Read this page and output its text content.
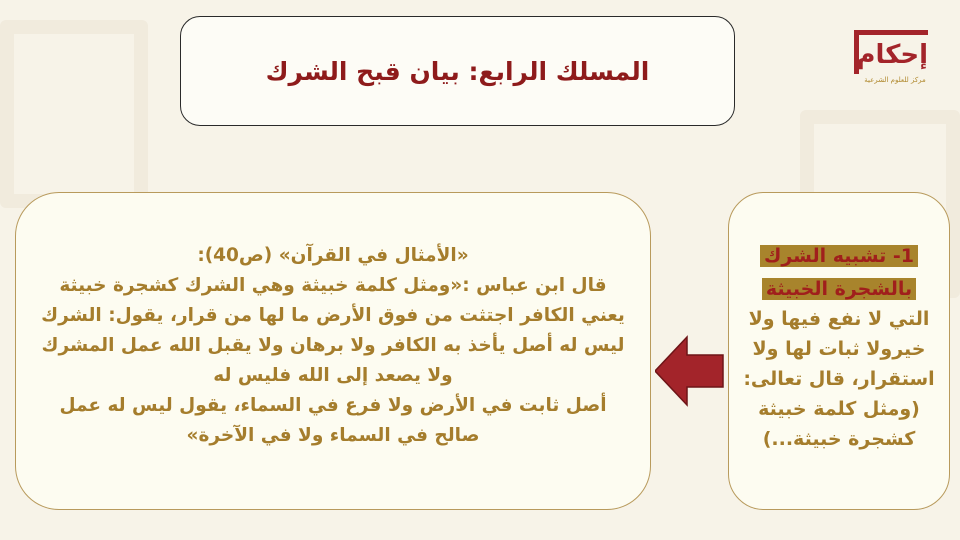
المسلك الرابع: بيان قبح الشرك
إحكام
مركز للعلوم الشرعية
«الأمثال في القرآن» (ص40):
قال ابن عباس :«ومثل كلمة خبيثة وهي الشرك كشجرة خبيثة
يعني الكافر اجتثت من فوق الأرض ما لها من قرار، يقول: الشرك
ليس له أصل يأخذ به الكافر ولا برهان ولا يقبل الله عمل المشرك
ولا يصعد إلى الله فليس له
أصل ثابت في الأرض ولا فرع في السماء، يقول ليس له عمل
صالح في السماء ولا في الآخرة»
1- تشبيه الشرك
بالشجرة الخبيثة
التي لا نفع فيها ولا
خيرولا ثبات لها ولا
استقرار، قال تعالى:
(ومثل كلمة خبيثة
كشجرة خبيثة...)
